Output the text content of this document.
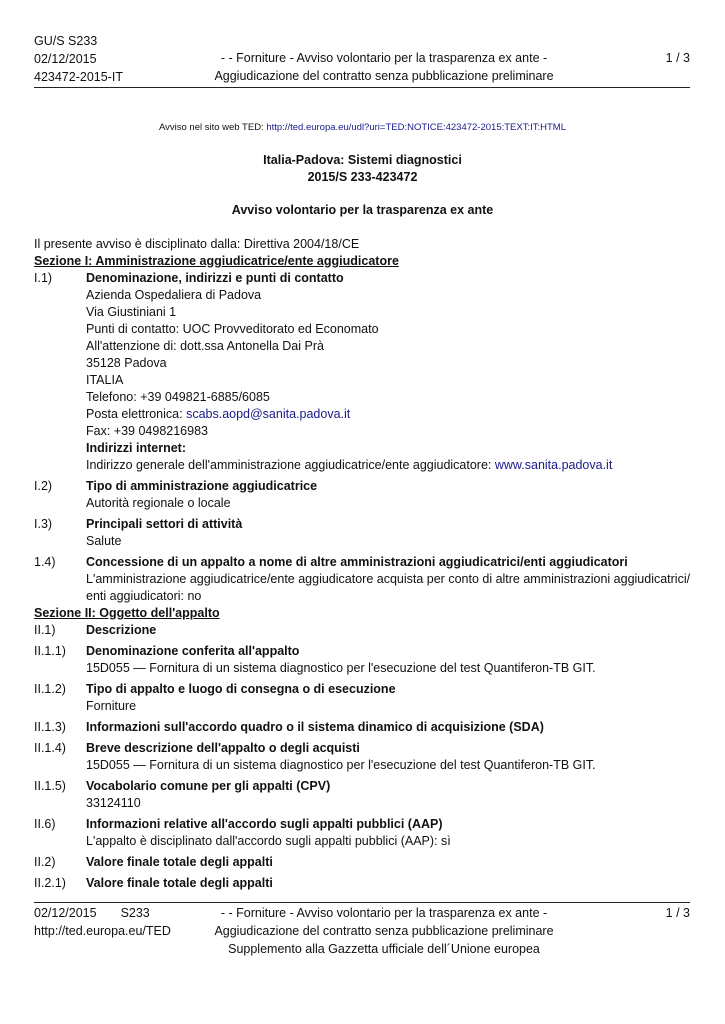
GU/S S233
02/12/2015
423472-2015-IT
- - Forniture - Avviso volontario per la trasparenza ex ante -
Aggiudicazione del contratto senza pubblicazione preliminare
1 / 3
Avviso nel sito web TED: http://ted.europa.eu/udl?uri=TED:NOTICE:423472-2015:TEXT:IT:HTML
Italia-Padova: Sistemi diagnostici
2015/S 233-423472
Avviso volontario per la trasparenza ex ante
Il presente avviso è disciplinato dalla: Direttiva 2004/18/CE
Sezione I: Amministrazione aggiudicatrice/ente aggiudicatore
I.1)	Denominazione, indirizzi e punti di contatto
Azienda Ospedaliera di Padova
Via Giustiniani 1
Punti di contatto: UOC Provveditorato ed Economato
All'attenzione di: dott.ssa Antonella Dai Prà
35128 Padova
ITALIA
Telefono: +39 049821-6885/6085
Posta elettronica: scabs.aopd@sanita.padova.it
Fax: +39 0498216983
Indirizzi internet:
Indirizzo generale dell'amministrazione aggiudicatrice/ente aggiudicatore: www.sanita.padova.it
I.2)	Tipo di amministrazione aggiudicatrice
Autorità regionale o locale
I.3)	Principali settori di attività
Salute
1.4)	Concessione di un appalto a nome di altre amministrazioni aggiudicatrici/enti aggiudicatori
L'amministrazione aggiudicatrice/ente aggiudicatore acquista per conto di altre amministrazioni aggiudicatrici/
enti aggiudicatori: no
Sezione II: Oggetto dell'appalto
II.1)	Descrizione
II.1.1)	Denominazione conferita all'appalto
15D055 — Fornitura di un sistema diagnostico per l'esecuzione del test Quantiferon-TB GIT.
II.1.2)	Tipo di appalto e luogo di consegna o di esecuzione
Forniture
II.1.3)	Informazioni sull'accordo quadro o il sistema dinamico di acquisizione (SDA)
II.1.4)	Breve descrizione dell'appalto o degli acquisti
15D055 — Fornitura di un sistema diagnostico per l'esecuzione del test Quantiferon-TB GIT.
II.1.5)	Vocabolario comune per gli appalti (CPV)
33124110
II.6)	Informazioni relative all'accordo sugli appalti pubblici (AAP)
L'appalto è disciplinato dall'accordo sugli appalti pubblici (AAP): sì
II.2)	Valore finale totale degli appalti
II.2.1)	Valore finale totale degli appalti
02/12/2015 S233
http://ted.europa.eu/TED
- - Forniture - Avviso volontario per la trasparenza ex ante -
Aggiudicazione del contratto senza pubblicazione preliminare
Supplemento alla Gazzetta ufficiale dell´Unione europea
1 / 3
